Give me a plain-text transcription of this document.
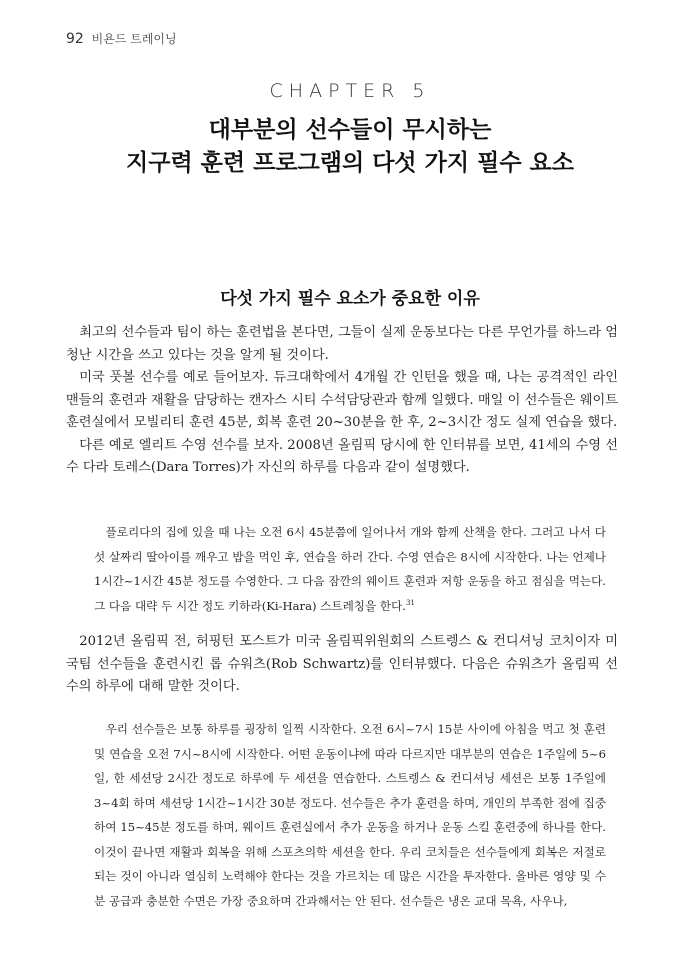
92 비욘드 트레이닝
CHAPTER 5
대부분의 선수들이 무시하는
지구력 훈련 프로그램의 다섯 가지 필수 요소
다섯 가지 필수 요소가 중요한 이유

최고의 선수들과 팀이 하는 훈련법을 본다면, 그들이 실제 운동보다는 다른 무언가를 하느라 엄청난 시간을 쓰고 있다는 것을 알게 될 것이다.

미국 풋볼 선수를 예로 들어보자. 듀크대학에서 4개월 간 인턴을 했을 때, 나는 공격적인 라인맨들의 훈련과 재활을 담당하는 캔자스 시티 수석담당관과 함께 일했다. 매일 이 선수들은 웨이트 훈련실에서 모빌리티 훈련 45분, 회복 훈련 20~30분을 한 후, 2~3시간 정도 실제 연습을 했다.

다른 예로 엘리트 수영 선수를 보자. 2008년 올림픽 당시에 한 인터뷰를 보면, 41세의 수영 선수 다라 토레스(Dara Torres)가 자신의 하루를 다음과 같이 설명했다.

플로리다의 집에 있을 때 나는 오전 6시 45분쯤에 일어나서 개와 함께 산책을 한다. 그러고 나서 다섯 살짜리 딸아이를 깨우고 밥을 먹인 후, 연습을 하러 간다. 수영 연습은 8시에 시작한다. 나는 언제나 1시간~1시간 45분 정도를 수영한다. 그 다음 잠깐의 웨이트 훈련과 저항 운동을 하고 점심을 먹는다. 그 다음 대략 두 시간 정도 키하라(Ki-Hara) 스트레칭을 한다.$^{31}$

2012년 올림픽 전, 허핑턴 포스트가 미국 올림픽위원회의 스트렝스 & 컨디셔닝 코치이자 미국팀 선수들을 훈련시킨 롭 슈워츠(Rob Schwartz)를 인터뷰했다. 다음은 슈워츠가 올림픽 선수의 하루에 대해 말한 것이다.

우리 선수들은 보통 하루를 굉장히 일찍 시작한다. 오전 6시~7시 15분 사이에 아침을 먹고 첫 훈련 및 연습을 오전 7시~8시에 시작한다. 어떤 운동이냐에 따라 다르지만 대부분의 연습은 1주일에 5~6일, 한 세션당 2시간 정도로 하루에 두 세션을 연습한다. 스트렝스 & 컨디셔닝 세션은 보통 1주일에 3~4회 하며 세션당 1시간~1시간 30분 정도다. 선수들은 추가 훈련을 하며, 개인의 부족한 점에 집중하여 15~45분 정도를 하며, 웨이트 훈련실에서 추가 운동을 하거나 운동 스킬 훈련중에 하나를 한다. 이것이 끝나면 재활과 회복을 위해 스포츠의학 세션을 한다. 우리 코치들은 선수들에게 회복은 저절로 되는 것이 아니라 열심히 노력해야 한다는 것을 가르치는 데 많은 시간을 투자한다. 올바른 영양 및 수분 공급과 충분한 수면은 가장 중요하며 간과해서는 안 된다. 선수들은 냉온 교대 목욕, 사우나,
